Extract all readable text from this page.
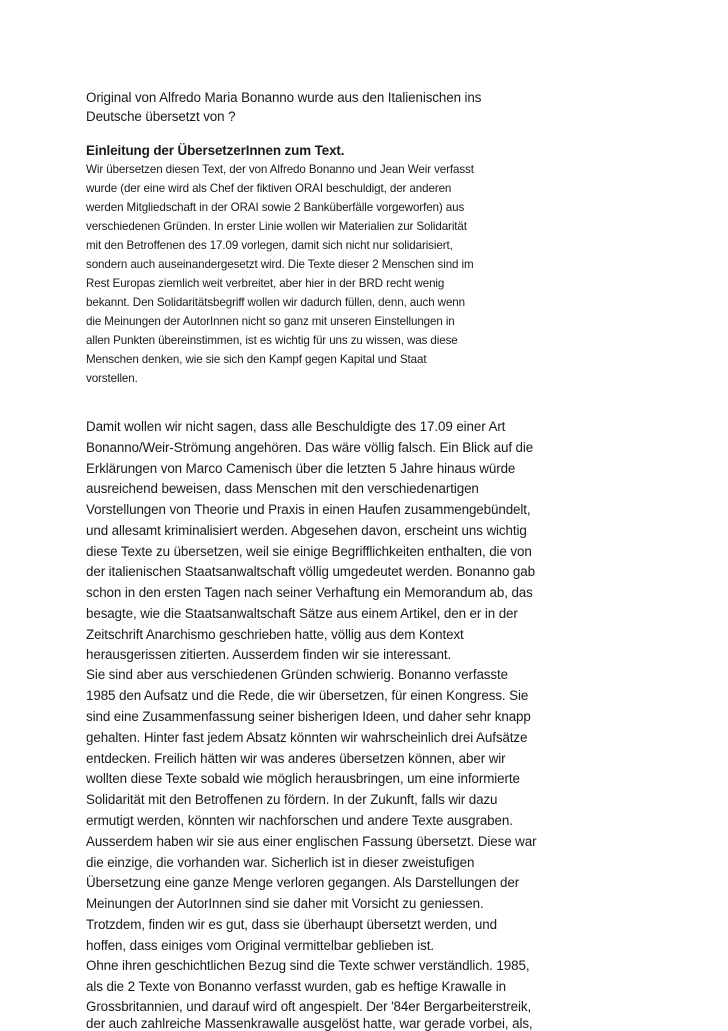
Original von Alfredo Maria Bonanno wurde aus den Italienischen ins
Deutsche übersetzt von ?
Einleitung der ÜbersetzerInnen zum Text.
Wir übersetzen diesen Text, der von Alfredo Bonanno und Jean Weir verfasst
wurde (der eine wird als Chef der fiktiven ORAI beschuldigt, der anderen
werden Mitgliedschaft in der ORAI sowie 2 Banküberfälle vorgeworfen) aus
verschiedenen Gründen. In erster Linie wollen wir Materialien zur Solidarität
mit den Betroffenen des 17.09 vorlegen, damit sich nicht nur solidarisiert,
sondern auch auseinandergesetzt wird. Die Texte dieser 2 Menschen sind im
Rest Europas ziemlich weit verbreitet, aber hier in der BRD recht wenig
bekannt. Den Solidaritätsbegriff wollen wir dadurch füllen, denn, auch wenn
die Meinungen der AutorInnen nicht so ganz mit unseren Einstellungen in
allen Punkten übereinstimmen, ist es wichtig für uns zu wissen, was diese
Menschen denken, wie sie sich den Kampf gegen Kapital und Staat
vorstellen.
Damit wollen wir nicht sagen, dass alle Beschuldigte des 17.09 einer Art
Bonanno/Weir-Strömung angehören. Das wäre völlig falsch. Ein Blick auf die
Erklärungen von Marco Camenisch über die letzten 5 Jahre hinaus würde
ausreichend beweisen, dass Menschen mit den verschiedenartigen
Vorstellungen von Theorie und Praxis in einen Haufen zusammengebündelt,
und allesamt kriminalisiert werden. Abgesehen davon, erscheint uns wichtig
diese Texte zu übersetzen, weil sie einige Begrifflichkeiten enthalten, die von
der italienischen Staatsanwaltschaft völlig umgedeutet werden. Bonanno gab
schon in den ersten Tagen nach seiner Verhaftung ein Memorandum ab, das
besagte, wie die Staatsanwaltschaft Sätze aus einem Artikel, den er in der
Zeitschrift Anarchismo geschrieben hatte, völlig aus dem Kontext
herausgerissen zitierten. Ausserdem finden wir sie interessant.
Sie sind aber aus verschiedenen Gründen schwierig. Bonanno verfasste
1985 den Aufsatz und die Rede, die wir übersetzen, für einen Kongress. Sie
sind eine Zusammenfassung seiner bisherigen Ideen, und daher sehr knapp
gehalten. Hinter fast jedem Absatz könnten wir wahrscheinlich drei Aufsätze
entdecken. Freilich hätten wir was anderes übersetzen können, aber wir
wollten diese Texte sobald wie möglich herausbringen, um eine informierte
Solidarität mit den Betroffenen zu fördern. In der Zukunft, falls wir dazu
ermutigt werden, könnten wir nachforschen und andere Texte ausgraben.
Ausserdem haben wir sie aus einer englischen Fassung übersetzt. Diese war
die einzige, die vorhanden war. Sicherlich ist in dieser zweistufigen
Übersetzung eine ganze Menge verloren gegangen. Als Darstellungen der
Meinungen der AutorInnen sind sie daher mit Vorsicht zu geniessen.
Trotzdem, finden wir es gut, dass sie überhaupt übersetzt werden, und
hoffen, dass einiges vom Original vermittelbar geblieben ist.
Ohne ihren geschichtlichen Bezug sind die Texte schwer verständlich. 1985,
als die 2 Texte von Bonanno verfasst wurden, gab es heftige Krawalle in
Grossbritannien, und darauf wird oft angespielt. Der '84er Bergarbeiterstreik,
der auch zahlreiche Massenkrawalle ausgelöst hatte, war gerade vorbei, als,
